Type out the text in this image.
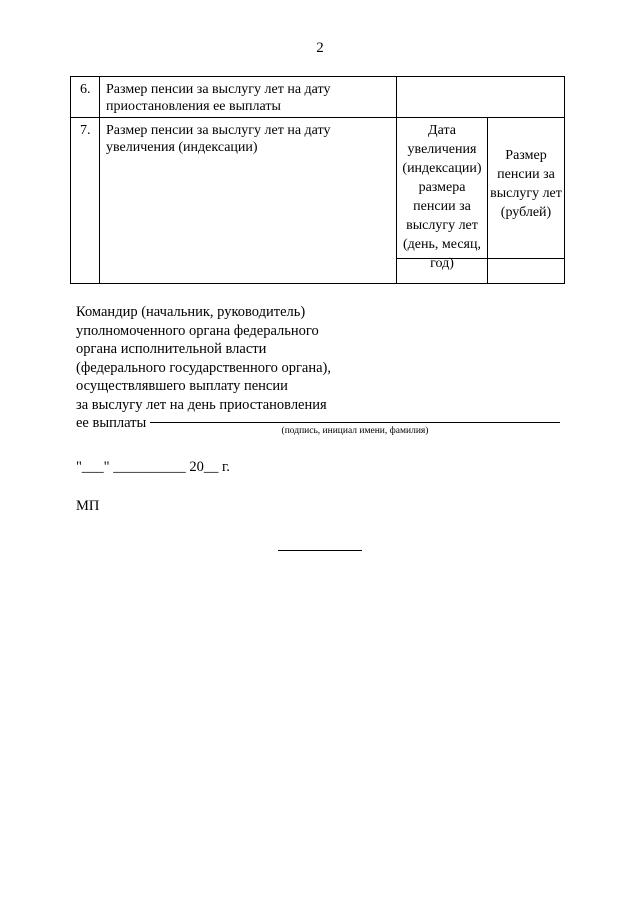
2
6. Размер пенсии за выслугу лет на дату приостановления ее выплаты
7. Размер пенсии за выслугу лет на дату увеличения (индексации)
Дата увеличения (индексации) размера пенсии за выслугу лет (день, месяц, год)
Размер пенсии за выслугу лет (рублей)
Командир (начальник, руководитель)
уполномоченного органа федерального
органа исполнительной власти
(федерального государственного органа),
осуществлявшего выплату пенсии
за выслугу лет на день приостановления
ее выплаты	(подпись, инициал имени, фамилия)
"___" __________ 20__ г.
МП
